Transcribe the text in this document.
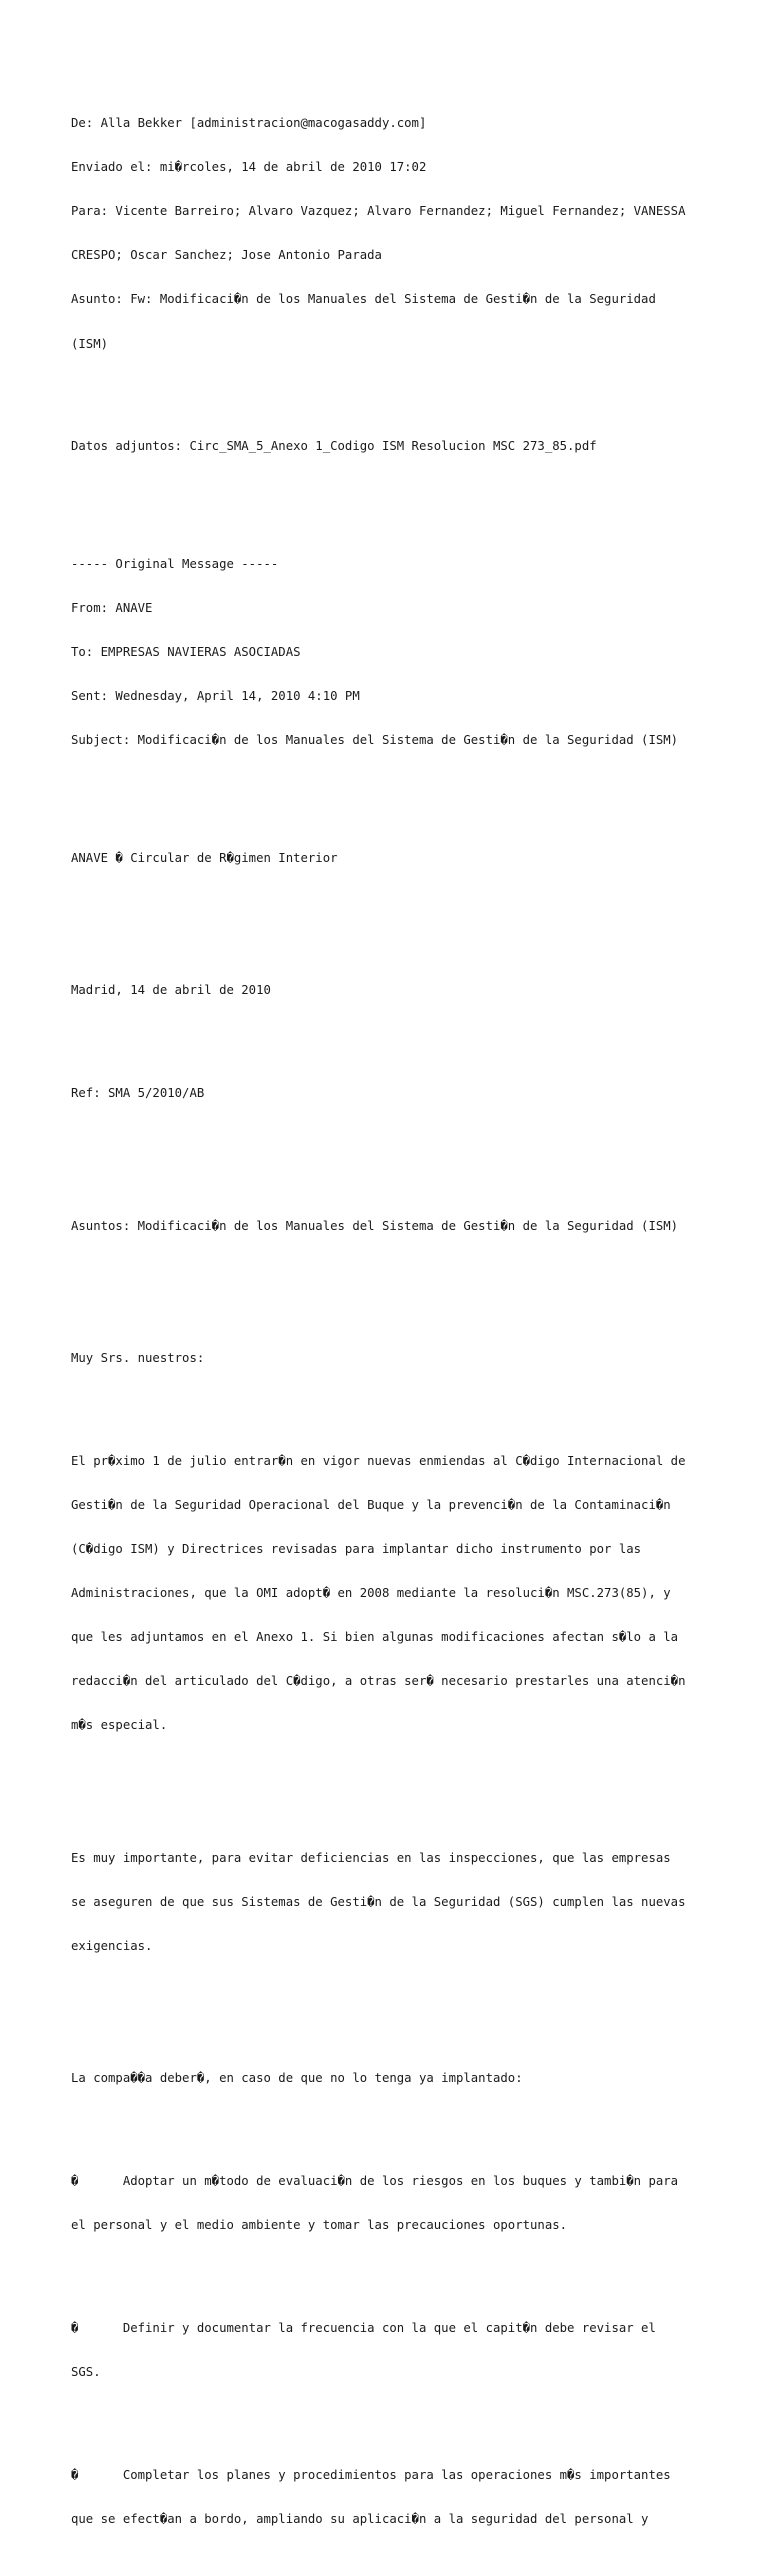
De: Alla Bekker [administracion@macogasaddy.com]

Enviado el: mi�rcoles, 14 de abril de 2010 17:02

Para: Vicente Barreiro; Alvaro Vazquez; Alvaro Fernandez; Miguel Fernandez; VANESSA

CRESPO; Oscar Sanchez; Jose Antonio Parada

Asunto: Fw: Modificaci�n de los Manuales del Sistema de Gesti�n de la Seguridad

(ISM)

Datos adjuntos: Circ_SMA_5_Anexo 1_Codigo ISM Resolucion MSC 273_85.pdf

----- Original Message -----

From: ANAVE

To: EMPRESAS NAVIERAS ASOCIADAS

Sent: Wednesday, April 14, 2010 4:10 PM

Subject: Modificaci�n de los Manuales del Sistema de Gesti�n de la Seguridad (ISM)

ANAVE � Circular de R�gimen Interior

Madrid, 14 de abril de 2010

Ref: SMA 5/2010/AB

Asuntos: Modificaci�n de los Manuales del Sistema de Gesti�n de la Seguridad (ISM)

Muy Srs. nuestros:

El pr�ximo 1 de julio entrar�n en vigor nuevas enmiendas al C�digo Internacional de

Gesti�n de la Seguridad Operacional del Buque y la prevenci�n de la Contaminaci�n

(C�digo ISM) y Directrices revisadas para implantar dicho instrumento por las

Administraciones, que la OMI adopt� en 2008 mediante la resoluci�n MSC.273(85), y

que les adjuntamos en el Anexo 1. Si bien algunas modificaciones afectan s�lo a la

redacci�n del articulado del C�digo, a otras ser� necesario prestarles una atenci�n

m�s especial.

Es muy importante, para evitar deficiencias en las inspecciones, que las empresas

se aseguren de que sus Sistemas de Gesti�n de la Seguridad (SGS) cumplen las nuevas

exigencias.

La compa��a deber�, en caso de que no lo tenga ya implantado:

�      Adoptar un m�todo de evaluaci�n de los riesgos en los buques y tambi�n para

el personal y el medio ambiente y tomar las precauciones oportunas.

�      Definir y documentar la frecuencia con la que el capit�n debe revisar el

SGS.

�      Completar los planes y procedimientos para las operaciones m�s importantes

que se efect�an a bordo, ampliando su aplicaci�n a la seguridad del personal y
